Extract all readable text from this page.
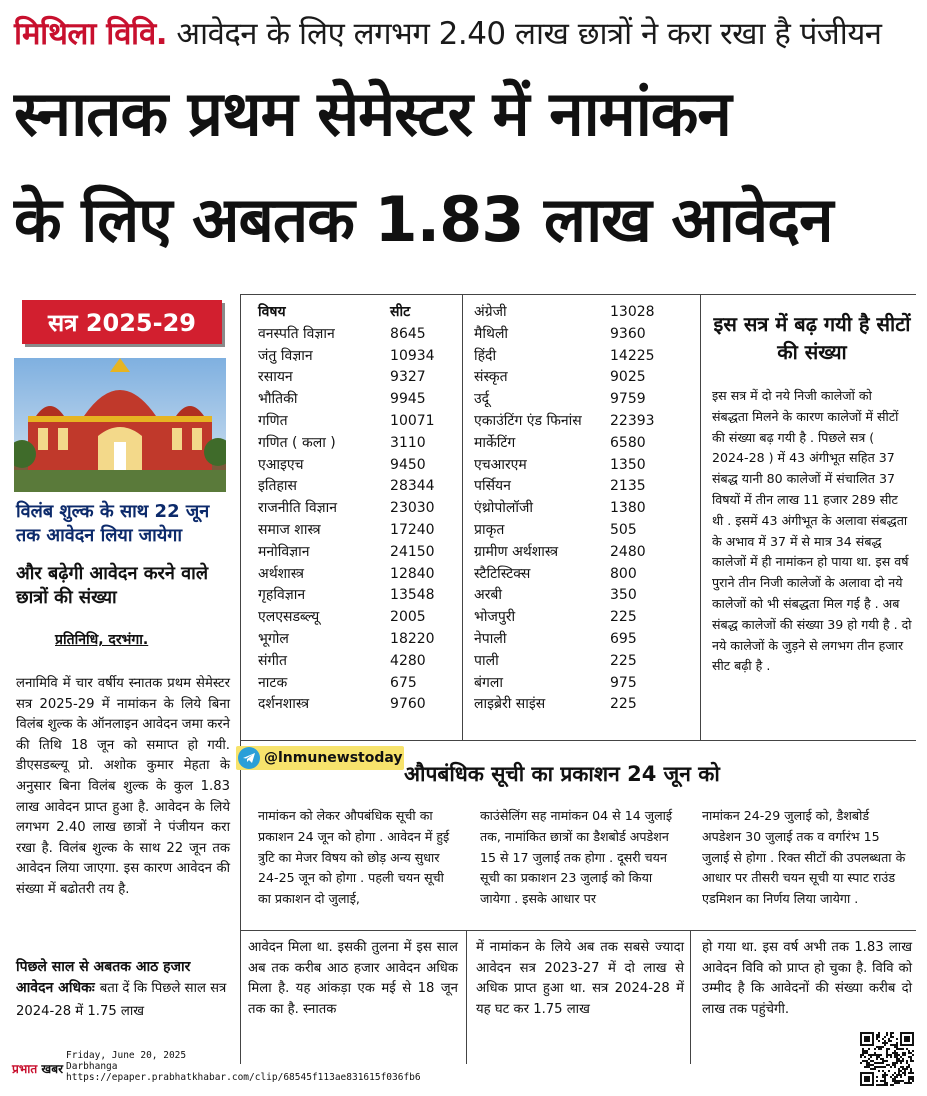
मिथिला विवि. आवेदन के लिए लगभग 2.40 लाख छात्रों ने करा रखा है पंजीयन
स्नातक प्रथम सेमेस्टर में नामांकन
के लिए अबतक 1.83 लाख आवेदन
सत्र 2025-29
विलंब शुल्क के साथ 22 जून तक आवेदन लिया जायेगा
और बढ़ेगी आवेदन करने वाले छात्रों की संख्या
प्रतिनिधि, दरभंगा.
लनामिवि में चार वर्षीय स्नातक प्रथम सेमेस्टर सत्र 2025-29 में नामांकन के लिये बिना विलंब शुल्क के ऑनलाइन आवेदन जमा करने की तिथि 18 जून को समाप्त हो गयी. डीएसडब्ल्यू प्रो. अशोक कुमार मेहता के अनुसार बिना विलंब शुल्क के कुल 1.83 लाख आवेदन प्राप्त हुआ है. आवेदन के लिये लगभग 2.40 लाख छात्रों ने पंजीयन करा रखा है. विलंब शुल्क के साथ 22 जून तक आवेदन लिया जाएगा. इस कारण आवेदन की संख्या में बढोतरी तय है.
पिछले साल से अबतक आठ हजार आवेदन अधिकः बता दें कि पिछले साल सत्र 2024-28 में 1.75 लाख
विषय	सीट
वनस्पति विज्ञान	8645
जंतु विज्ञान	10934
रसायन	9327
भौतिकी	9945
गणित	10071
गणित ( कला )	3110
एआइएच	9450
इतिहास	28344
राजनीति विज्ञान	23030
समाज शास्त्र	17240
मनोविज्ञान	24150
अर्थशास्त्र	12840
गृहविज्ञान	13548
एलएसडब्ल्यू	2005
भूगोल	18220
संगीत	4280
नाटक	675
दर्शनशास्त्र	9760
अंग्रेजी	13028
मैथिली	9360
हिंदी	14225
संस्कृत	9025
उर्दू	9759
एकाउंटिंग एंड फिनांस	22393
मार्केटिंग	6580
एचआरएम	1350
पर्सियन	2135
एंथ्रोपोलॉजी	1380
प्राकृत	505
ग्रामीण अर्थशास्त्र	2480
स्टैटिस्टिक्स	800
अरबी	350
भोजपुरी	225
नेपाली	695
पाली	225
बंगला	975
लाइब्रेरी साइंस	225
इस सत्र में बढ़ गयी है सीटों की संख्या
इस सत्र में दो नये निजी कालेजों को संबद्धता मिलने के कारण कालेजों में सीटों की संख्या बढ़ गयी है . पिछले सत्र ( 2024-28 ) में 43 अंगीभूत सहित 37 संबद्ध यानी 80 कालेजों में संचालित 37 विषयों में तीन लाख 11 हजार 289 सीट थी . इसमें 43 अंगीभूत के अलावा संबद्धता के अभाव में 37 में से मात्र 34 संबद्ध कालेजों में ही नामांकन हो पाया था. इस वर्ष पुराने तीन निजी कालेजों के अलावा दो नये कालेजों को भी संबद्धता मिल गई है . अब संबद्ध कालेजों की संख्या 39 हो गयी है . दो नये कालेजों के जुड़ने से लगभग तीन हजार सीट बढ़ी है .
@lnmunewstoday
औपबंधिक सूची का प्रकाशन 24 जून को
नामांकन को लेकर औपबंधिक सूची का प्रकाशन 24 जून को होगा . आवेदन में हुई त्रुटि का मेजर विषय को छोड़ अन्य सुधार 24-25 जून को होगा . पहली चयन सूची का प्रकाशन दो जुलाई,
काउंसेलिंग सह नामांकन 04 से 14 जुलाई तक, नामांकित छात्रों का डैशबोर्ड अपडेशन 15 से 17 जुलाई तक होगा . दूसरी चयन सूची का प्रकाशन 23 जुलाई को किया जायेगा . इसके आधार पर
नामांकन 24-29 जुलाई को, डैशबोर्ड अपडेशन 30 जुलाई तक व वर्गारंभ 15 जुलाई से होगा . रिक्त सीटों की उपलब्धता के आधार पर तीसरी चयन सूची या स्पाट राउंड एडमिशन का निर्णय लिया जायेगा .
आवेदन मिला था. इसकी तुलना में इस साल अब तक करीब आठ हजार आवेदन अधिक मिला है. यह आंकड़ा एक मई से 18 जून तक का है. स्नातक
में नामांकन के लिये अब तक सबसे ज्यादा आवेदन सत्र 2023-27 में दो लाख से अधिक प्राप्त हुआ था. सत्र 2024-28 में यह घट कर 1.75 लाख
हो गया था. इस वर्ष अभी तक 1.83 लाख आवेदन विवि को प्राप्त हो चुका है. विवि को उम्मीद है कि आवेदनों की संख्या करीब दो लाख तक पहुंचेगी.
प्रभात खबर
Friday, June 20, 2025
Darbhanga
https://epaper.prabhatkhabar.com/clip/68545f113ae831615f036fb6
